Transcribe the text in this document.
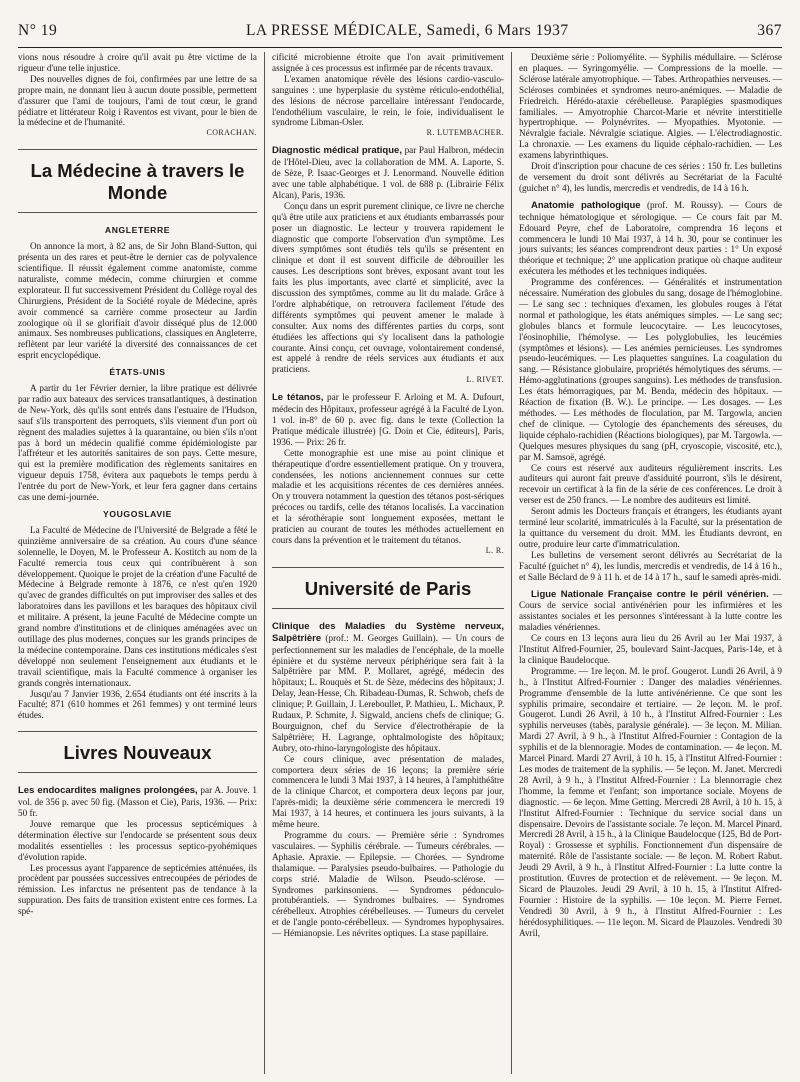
N° 19	LA PRESSE MÉDICALE, Samedi, 6 Mars 1937	367

vions nous résoudre à croire qu'il avait pu être victime de la rigueur d'une telle injustice.

Des nouvelles dignes de foi, confirmées par une lettre de sa propre main, ne donnant lieu à aucun doute possible, permettent d'assurer que l'ami de toujours, l'ami de tout cœur, le grand pédiatre et littérateur Roig i Raventos est vivant, pour le bien de la médecine et de l'humanité.

CORACHAN.

La Médecine à travers le Monde
ANGLETERRE

On annonce la mort, à 82 ans, de Sir John Bland-Sutton, qui présenta un des rares et peut-être le dernier cas de polyvalence scientifique. Il réussit également comme anatomiste, comme naturaliste, comme médecin, comme chirurgien et comme explorateur. Il fut successivement Président du Collège royal des Chirurgiens, Président de la Société royale de Médecine, après avoir commencé sa carrière comme prosecteur au Jardin zoologique où il se glorifiait d'avoir disséqué plus de 12.000 animaux. Ses nombreuses publications, classiques en Angleterre, reflètent par leur variété la diversité des connaissances de cet esprit encyclopédique.

ÉTATS-UNIS

A partir du 1er Février dernier, la libre pratique est délivrée par radio aux bateaux des services transatlantiques, à destination de New-York, dès qu'ils sont entrés dans l'estuaire de l'Hudson, sauf s'ils transportent des perroquets, s'ils viennent d'un port où règnent des maladies sujettes à la quarantaine, ou bien s'ils n'ont pas à bord un médecin qualifié comme épidémiologiste par l'affréteur et les autorités sanitaires de son pays. Cette mesure, qui est la première modification des règlements sanitaires en vigueur depuis 1758, évitera aux paquebots le temps perdu à l'entrée du port de New-York, et leur fera gagner dans certains cas une demi-journée.

YOUGOSLAVIE

La Faculté de Médecine de l'Université de Belgrade a fêté le quinzième anniversaire de sa création. Au cours d'une séance solennelle, le Doyen, M. le Professeur A. Kostitch au nom de la Faculté remercia tous ceux qui contribuèrent à son développement. Quoique le projet de la création d'une Faculté de Médecine à Belgrade remonte à 1876, ce n'est qu'en 1920 qu'avec de grandes difficultés on put improviser des salles et des laboratoires dans les pavillons et les baraques des hôpitaux civil et militaire. A présent, la jeune Faculté de Médecine compte un grand nombre d'institutions et de cliniques aménagées avec un outillage des plus modernes, conçues sur les grands principes de la médecine contemporaine. Dans ces institutions médicales s'est développé non seulement l'enseignement aux étudiants et le travail scientifique, mais la Faculté commence à organiser les grands congrès internationaux.

Jusqu'au 7 Janvier 1936, 2.654 étudiants ont été inscrits à la Faculté; 871 (610 hommes et 261 femmes) y ont terminé leurs études.

Livres Nouveaux

Les endocardites malignes prolongées, par A. Jouve. 1 vol. de 356 p. avec 50 fig. (Masson et Cie), Paris, 1936. — Prix: 50 fr.

Jouve remarque que les processus septicémiques à détermination élective sur l'endocarde se présentent sous deux modalités essentielles : les processus septico-pyohémiques d'évolution rapide.

Les processus ayant l'apparence de septicémies atténuées, ils procèdent par poussées successives entrecoupées de périodes de rémission. Les infarctus ne présentent pas de tendance à la suppuration. Des faits de transition existent entre ces formes. La spé-

cificité microbienne étroite que l'on avait primitivement assignée à ces processus est infirmée par de récents travaux.

L'examen anatomique révèle des lésions cardio-vasculo-sanguines : une hyperplasie du système réticulo-endothélial, des lésions de nécrose parcellaire intéressant l'endocarde, l'endothélium vasculaire, le rein, le foie, individualisent le syndrome Libman-Osler.

R. LUTEMBACHER.

Diagnostic médical pratique, par Paul Halbron, médecin de l'Hôtel-Dieu, avec la collaboration de MM. A. Laporte, S. de Sèze, P. Isaac-Georges et J. Lenormand. Nouvelle édition avec une table alphabétique. 1 vol. de 688 p. (Librairie Félix Alcan), Paris, 1936.

Conçu dans un esprit purement clinique, ce livre ne cherche qu'à être utile aux praticiens et aux étudiants embarrassés pour poser un diagnostic. Le lecteur y trouvera rapidement le diagnostic que comporte l'observation d'un symptôme. Les divers symptômes sont étudiés tels qu'ils se présentent en clinique et dont il est souvent difficile de débrouiller les causes. Les descriptions sont brèves, exposant avant tout les faits les plus importants, avec clarté et simplicité, avec la discussion des symptômes, comme au lit du malade. Grâce à l'ordre alphabétique, on retrouvera facilement l'étude des différents symptômes qui peuvent amener le malade à consulter. Aux noms des différentes parties du corps, sont étudiées les affections qui s'y localisent dans la pathologie courante. Ainsi conçu, cet ouvrage, volontairement condensé, est appelé à rendre de réels services aux étudiants et aux praticiens.

L. RIVET.

Le tétanos, par le professeur F. Arloing et M. A. Dufourt, médecin des Hôpitaux, professeur agrégé à la Faculté de Lyon. 1 vol. in-8° de 60 p. avec fig. dans le texte (Collection la Pratique médicale illustrée) [G. Doin et Cie, éditeurs], Paris, 1936. — Prix: 26 fr.

Cette monographie est une mise au point clinique et thérapeutique d'ordre essentiellement pratique. On y trouvera, condensées, les notions anciennement connues sur cette maladie et les acquisitions récentes de ces dernières années. On y trouvera notamment la question des tétanos post-sériques précoces ou tardifs, celle des tétanos localisés. La vaccination et la sérothérapie sont longuement exposées, mettant le praticien au courant de toutes les méthodes actuellement en cours dans la prévention et le traitement du tétanos.

L. R.

Université de Paris

Clinique des Maladies du Système nerveux, Salpêtrière (prof.: M. Georges Guillain). — Un cours de perfectionnement sur les maladies de l'encéphale, de la moelle épinière et du système nerveux périphérique sera fait à la Salpêtrière par MM. P. Mollaret, agrégé, médecin des hôpitaux; L. Rouquès et St. de Sèze, médecins des hôpitaux; J. Delay, Jean-Hesse, Ch. Ribadeau-Dumas, R. Schwob, chefs de clinique; P. Guillain, J. Lereboullet, P. Mathieu, L. Michaux, P. Rudaux, P. Schmite, J. Sigwald, anciens chefs de clinique; G. Bourguignon, chef du Service d'électrothérapie de la Salpêtrière; H. Lagrange, ophtalmologiste des hôpitaux; Aubry, oto-rhino-laryngologiste des hôpitaux.

Ce cours clinique, avec présentation de malades, comportera deux séries de 16 leçons; la première série commencera le lundi 3 Mai 1937, à 14 heures, à l'amphithéâtre de la clinique Charcot, et comportera deux leçons par jour, l'après-midi; la deuxième série commencera le mercredi 19 Mai 1937, à 14 heures, et continuera les jours suivants, à la même heure.

Programme du cours. — Première série : Syndromes vasculaires. — Syphilis cérébrale. — Tumeurs cérébrales. — Aphasie. Apraxie. — Epilepsie. — Chorées. — Syndrome thalamique. — Paralysies pseudo-bulbaires. — Pathologie du corps strié. Maladie de Wilson. Pseudo-sclérose. — Syndromes parkinsoniens. — Syndromes pédonculo-protubérantiels. — Syndromes bulbaires. — Syndromes cérébelleux. Atrophies cérébelleuses. — Tumeurs du cervelet et de l'angle ponto-cérébelleux. — Syndromes hypophysaires. — Hémianopsie. Les névrites optiques. La stase papillaire.

Deuxième série : Poliomyélite. — Syphilis médullaire. — Sclérose en plaques. — Syringomyélie. — Compressions de la moelle. — Sclérose latérale amyotrophique. — Tabes. Arthropathies nerveuses. — Scléroses combinées et syndromes neuro-anémiques. — Maladie de Friedreich. Hérédo-ataxie cérébelleuse. Paraplégies spasmodiques familiales. — Amyotrophie Charcot-Marie et névrite interstitielle hypertrophique. — Polynévrites. — Myopathies. Myotonie. — Névralgie faciale. Névralgie sciatique. Algies. — L'électrodiagnostic. La chronaxie. — Les examens du liquide céphalo-rachidien. — Les examens labyrinthiques.

Droit d'inscription pour chacune de ces séries : 150 fr. Les bulletins de versement du droit sont délivrés au Secrétariat de la Faculté (guichet n° 4), les lundis, mercredis et vendredis, de 14 à 16 h.

Anatomie pathologique (prof. M. Roussy). — Cours de technique hématologique et sérologique. — Ce cours fait par M. Edouard Peyre, chef de Laboratoire, comprendra 16 leçons et commencera le lundi 10 Mai 1937, à 14 h. 30, pour se continuer les jours suivants; les séances comprendront deux parties : 1° Un exposé théorique et technique; 2° une application pratique où chaque auditeur exécutera les méthodes et les techniques indiquées.

Programme des conférences. — Généralités et instrumentation nécessaire. Numération des globules du sang, dosage de l'hémoglobine. — Le sang sec : techniques d'examen, les globules rouges à l'état normal et pathologique, les états anémiques simples. — Le sang sec; globules blancs et formule leucocytaire. — Les leucocytoses, l'éosinophilie, l'hémolyse. — Les polyglobulies, les leucémies (symptômes et lésions). — Les anémies pernicieuses. Les syndromes pseudo-leucémiques. — Les plaquettes sanguines. La coagulation du sang. — Résistance globulaire, propriétés hémolytiques des sérums. — Hémo-agglutinations (groupes sanguins). Les méthodes de transfusion. Les états hémorragiques, par M. Benda, médecin des hôpitaux. — Réaction de fixation (B. W.). Le principe. — Les dosages. — Les méthodes. — Les méthodes de floculation, par M. Targowla, ancien chef de clinique. — Cytologie des épanchements des séreuses, du liquide céphalo-rachidien (Réactions biologiques), par M. Targowla. — Quelques mesures physiques du sang (pH, cryoscopie, viscosité, etc.), par M. Samsoë, agrégé.

Ce cours est réservé aux auditeurs régulièrement inscrits. Les auditeurs qui auront fait preuve d'assiduité pourront, s'ils le désirent, recevoir un certificat à la fin de la série de ces conférences. Le droit à verser est de 250 francs. — Le nombre des auditeurs est limité.

Seront admis les Docteurs français et étrangers, les étudiants ayant terminé leur scolarité, immatriculés à la Faculté, sur la présentation de la quittance du versement du droit. MM. les Étudiants devront, en outre, produire leur carte d'immatriculation.

Les bulletins de versement seront délivrés au Secrétariat de la Faculté (guichet n° 4), les lundis, mercredis et vendredis, de 14 à 16 h., et Salle Béclard de 9 à 11 h. et de 14 à 17 h., sauf le samedi après-midi.

Ligue Nationale Française contre le péril vénérien. — Cours de service social antivénérien pour les infirmières et les assistantes sociales et les personnes s'intéressant à la lutte contre les maladies vénériennes.

Ce cours en 13 leçons aura lieu du 26 Avril au 1er Mai 1937, à l'Institut Alfred-Fournier, 25, boulevard Saint-Jacques, Paris-14e, et à la clinique Baudelocque.

Programme. — 1re leçon. M. le prof. Gougerot. Lundi 26 Avril, à 9 h., à l'Institut Alfred-Fournier : Danger des maladies vénériennes. Programme d'ensemble de la lutte antivénérienne. Ce que sont les syphilis primaire, secondaire et tertiaire. — 2e leçon. M. le prof. Gougerot. Lundi 26 Avril, à 10 h., à l'Institut Alfred-Fournier : Les syphilis nerveuses (tabès, paralysie générale). — 3e leçon. M. Milian. Mardi 27 Avril, à 9 h., à l'Institut Alfred-Fournier : Contagion de la syphilis et de la blennoragie. Modes de contamination. — 4e leçon. M. Marcel Pinard. Mardi 27 Avril, à 10 h. 15, à l'Institut Alfred-Fournier : Les modes de traitement de la syphilis. — 5e leçon. M. Janet. Mercredi 28 Avril, à 9 h., à l'Institut Alfred-Fournier : La blennorragie chez l'homme, la femme et l'enfant; son importance sociale. Moyens de diagnostic. — 6e leçon. Mme Getting. Mercredi 28 Avril, à 10 h. 15, à l'Institut Alfred-Fournier : Technique du service social dans un dispensaire. Devoirs de l'assistante sociale. 7e leçon. M. Marcel Pinard. Mercredi 28 Avril, à 15 h., à la Clinique Baudelocque (125, Bd de Port-Royal) : Grossesse et syphilis. Fonctionnement d'un dispensaire de maternité. Rôle de l'assistante sociale. — 8e leçon. M. Robert Rabut. Jeudi 29 Avril, à 9 h., à l'Institut Alfred-Fournier : La lutte contre la prostitution. Œuvres de protection et de relèvement. — 9e leçon. M. Sicard de Plauzoles. Jeudi 29 Avril, à 10 h. 15, à l'Institut Alfred-Fournier : Histoire de la syphilis. — 10e leçon. M. Pierre Fernet. Vendredi 30 Avril, à 9 h., à l'Institut Alfred-Fournier : Les hérédosyphilitiques. — 11e leçon. M. Sicard de Plauzoles. Vendredi 30 Avril,
